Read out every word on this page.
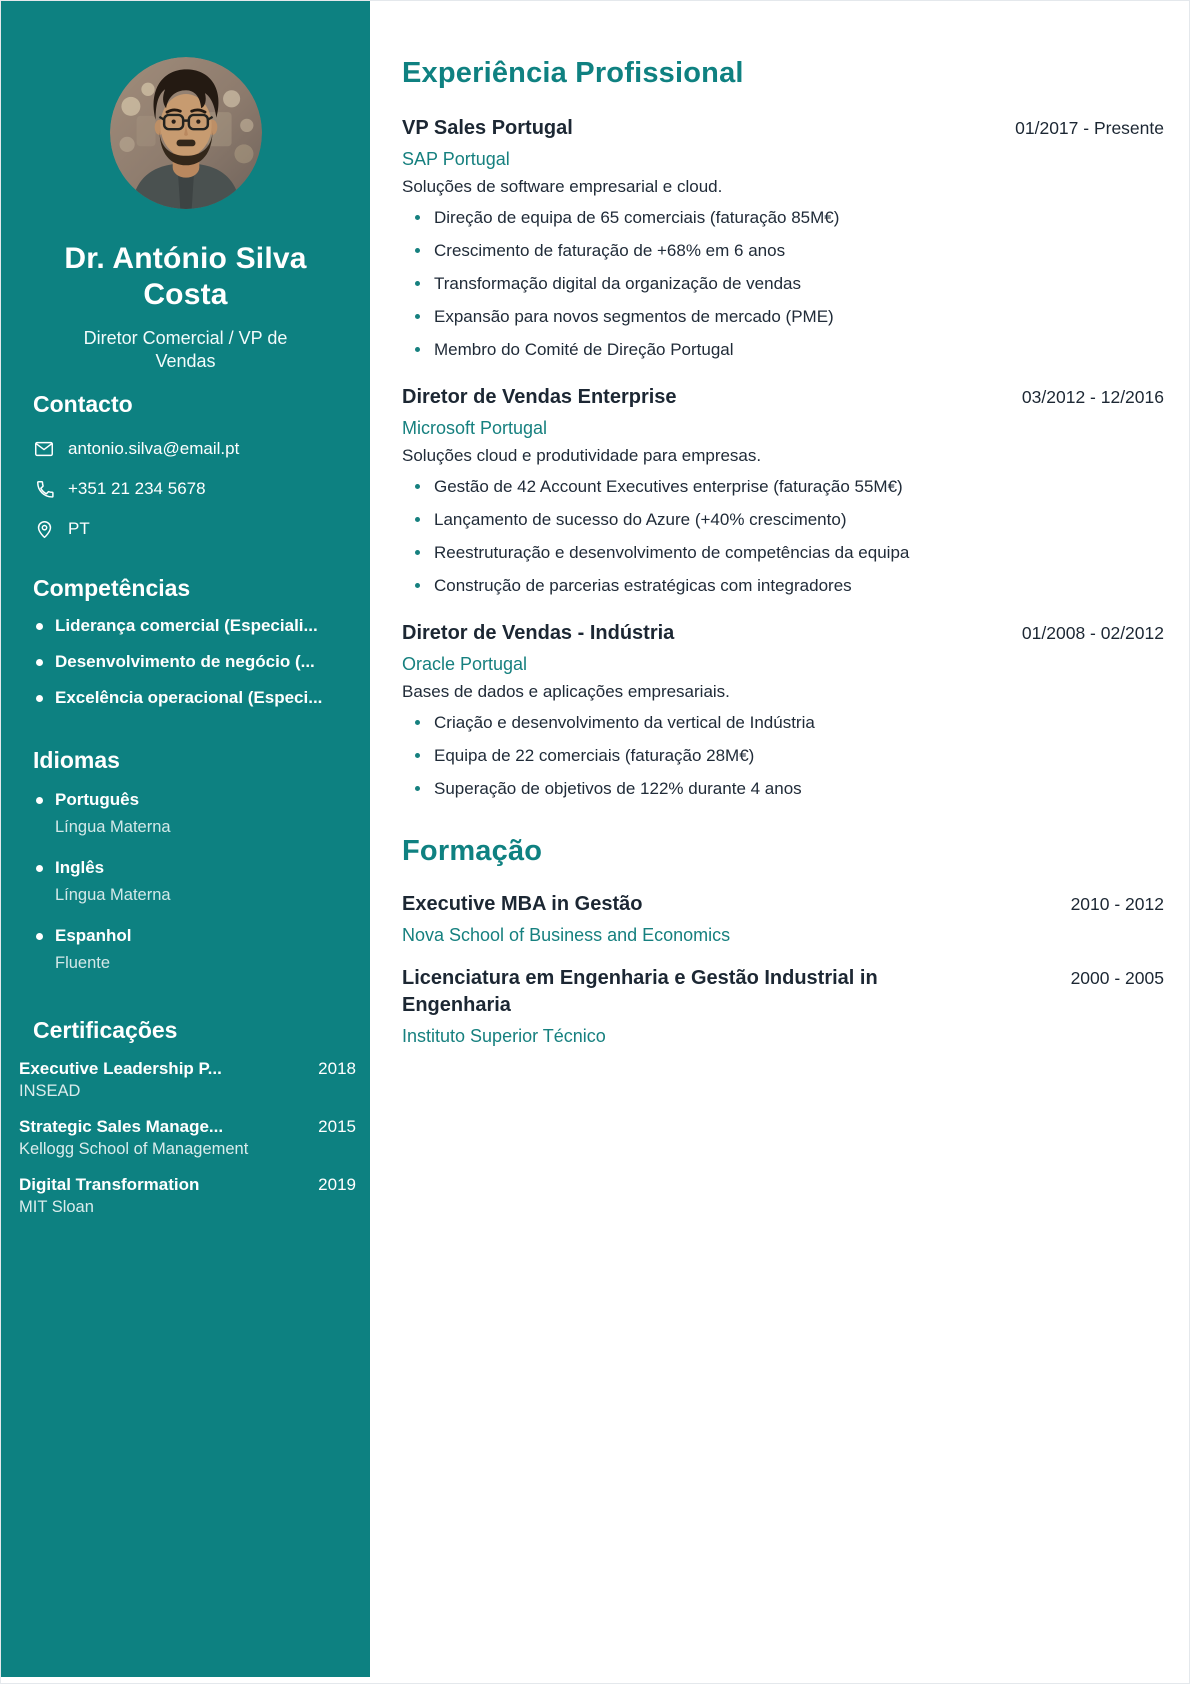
Dr. António Silva Costa
Diretor Comercial / VP de Vendas
Contacto
antonio.silva@email.pt
+351 21 234 5678
PT
Competências
Liderança comercial (Especiali...
Desenvolvimento de negócio (...
Excelência operacional (Especi...
Idiomas
Português
Língua Materna
Inglês
Língua Materna
Espanhol
Fluente
Certificações
Executive Leadership P...	2018
INSEAD
Strategic Sales Manage...	2015
Kellogg School of Management
Digital Transformation	2019
MIT Sloan
Experiência Profissional
VP Sales Portugal	01/2017 - Presente
SAP Portugal
Soluções de software empresarial e cloud.
Direção de equipa de 65 comerciais (faturação 85M€)
Crescimento de faturação de +68% em 6 anos
Transformação digital da organização de vendas
Expansão para novos segmentos de mercado (PME)
Membro do Comité de Direção Portugal
Diretor de Vendas Enterprise	03/2012 - 12/2016
Microsoft Portugal
Soluções cloud e produtividade para empresas.
Gestão de 42 Account Executives enterprise (faturação 55M€)
Lançamento de sucesso do Azure (+40% crescimento)
Reestruturação e desenvolvimento de competências da equipa
Construção de parcerias estratégicas com integradores
Diretor de Vendas - Indústria	01/2008 - 02/2012
Oracle Portugal
Bases de dados e aplicações empresariais.
Criação e desenvolvimento da vertical de Indústria
Equipa de 22 comerciais (faturação 28M€)
Superação de objetivos de 122% durante 4 anos
Formação
Executive MBA in Gestão	2010 - 2012
Nova School of Business and Economics
Licenciatura em Engenharia e Gestão Industrial in Engenharia
2000 - 2005
Instituto Superior Técnico
